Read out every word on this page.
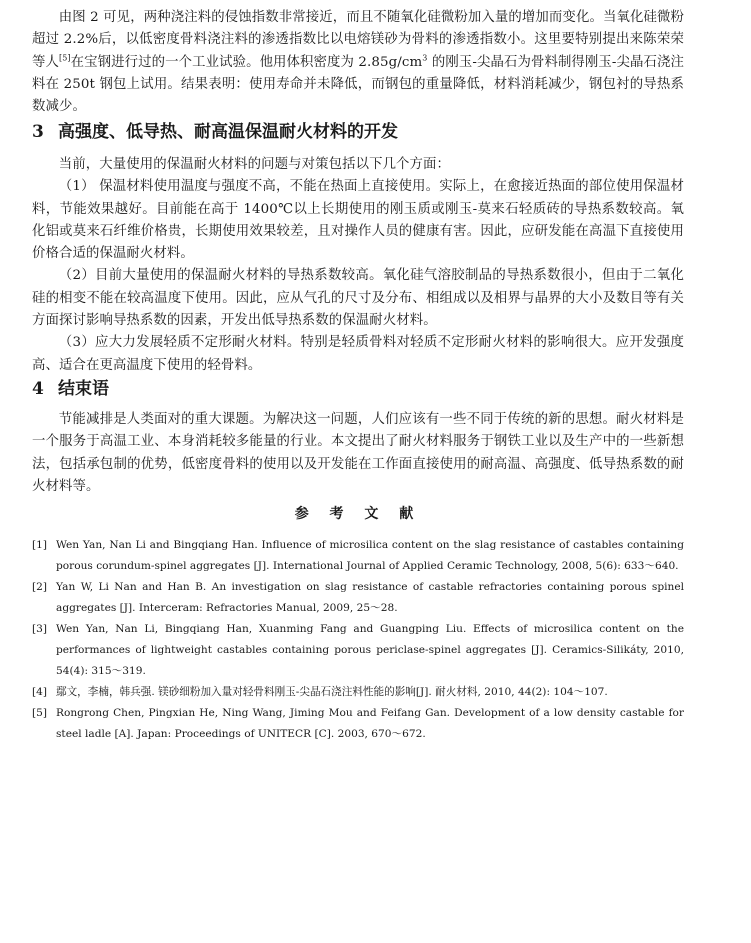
由图 2 可见，两种浇注料的侵蚀指数非常接近，而且不随氧化硅微粉加入量的增加而变化。当氧化硅微粉超过 2.2%后，以低密度骨料浇注料的渗透指数比以电熔镁砂为骨料的渗透指数小。这里要特别提出来陈荣荣等人[5]在宝钢进行过的一个工业试验。他用体积密度为 $2.85g/cm^3$ 的刚玉-尖晶石为骨料制得刚玉-尖晶石浇注料在 250t 钢包上试用。结果表明：使用寿命并未降低，而钢包的重量降低，材料消耗减少，钢包衬的导热系数减少。

3 高强度、低导热、耐高温保温耐火材料的开发

当前，大量使用的保温耐火材料的问题与对策包括以下几个方面：

（1） 保温材料使用温度与强度不高，不能在热面上直接使用。实际上，在愈接近热面的部位使用保温材料，节能效果越好。目前能在高于 1400℃以上长期使用的刚玉质或刚玉-莫来石轻质砖的导热系数较高。氧化铝或莫来石纤维价格贵，长期使用效果较差，且对操作人员的健康有害。因此，应研发能在高温下直接使用价格合适的保温耐火材料。

（2）目前大量使用的保温耐火材料的导热系数较高。氧化硅气溶胶制品的导热系数很小，但由于二氧化硅的相变不能在较高温度下使用。因此，应从气孔的尺寸及分布、相组成以及相界与晶界的大小及数目等有关方面探讨影响导热系数的因素，开发出低导热系数的保温耐火材料。

（3）应大力发展轻质不定形耐火材料。特别是轻质骨料对轻质不定形耐火材料的影响很大。应开发强度高、适合在更高温度下使用的轻骨料。

4 结束语

节能减排是人类面对的重大课题。为解决这一问题，人们应该有一些不同于传统的新的思想。耐火材料是一个服务于高温工业、本身消耗较多能量的行业。本文提出了耐火材料服务于钢铁工业以及生产中的一些新想法，包括承包制的优势，低密度骨料的使用以及开发能在工作面直接使用的耐高温、高强度、低导热系数的耐火材料等。

参 考 文 献
[1] Wen Yan, Nan Li and Bingqiang Han. Influence of microsilica content on the slag resistance of castables containing porous corundum-spinel aggregates [J]. International Journal of Applied Ceramic Technology, 2008, 5(6): 633～640.
[2] Yan W, Li Nan and Han B. An investigation on slag resistance of castable refractories containing porous spinel aggregates [J]. Interceram: Refractories Manual, 2009, 25～28.
[3] Wen Yan, Nan Li, Bingqiang Han, Xuanming Fang and Guangping Liu. Effects of microsilica content on the performances of lightweight castables containing porous periclase-spinel aggregates [J]. Ceramics-Silikáty, 2010, 54(4): 315～319.
[4] 鄢文，李楠，韩兵强. 镁砂细粉加入量对轻骨料刚玉-尖晶石浇注料性能的影响[J]. 耐火材料, 2010, 44(2): 104～107.
[5] Rongrong Chen, Pingxian He, Ning Wang, Jiming Mou and Feifang Gan. Development of a low density castable for steel ladle [A]. Japan: Proceedings of UNITECR [C]. 2003, 670～672.
